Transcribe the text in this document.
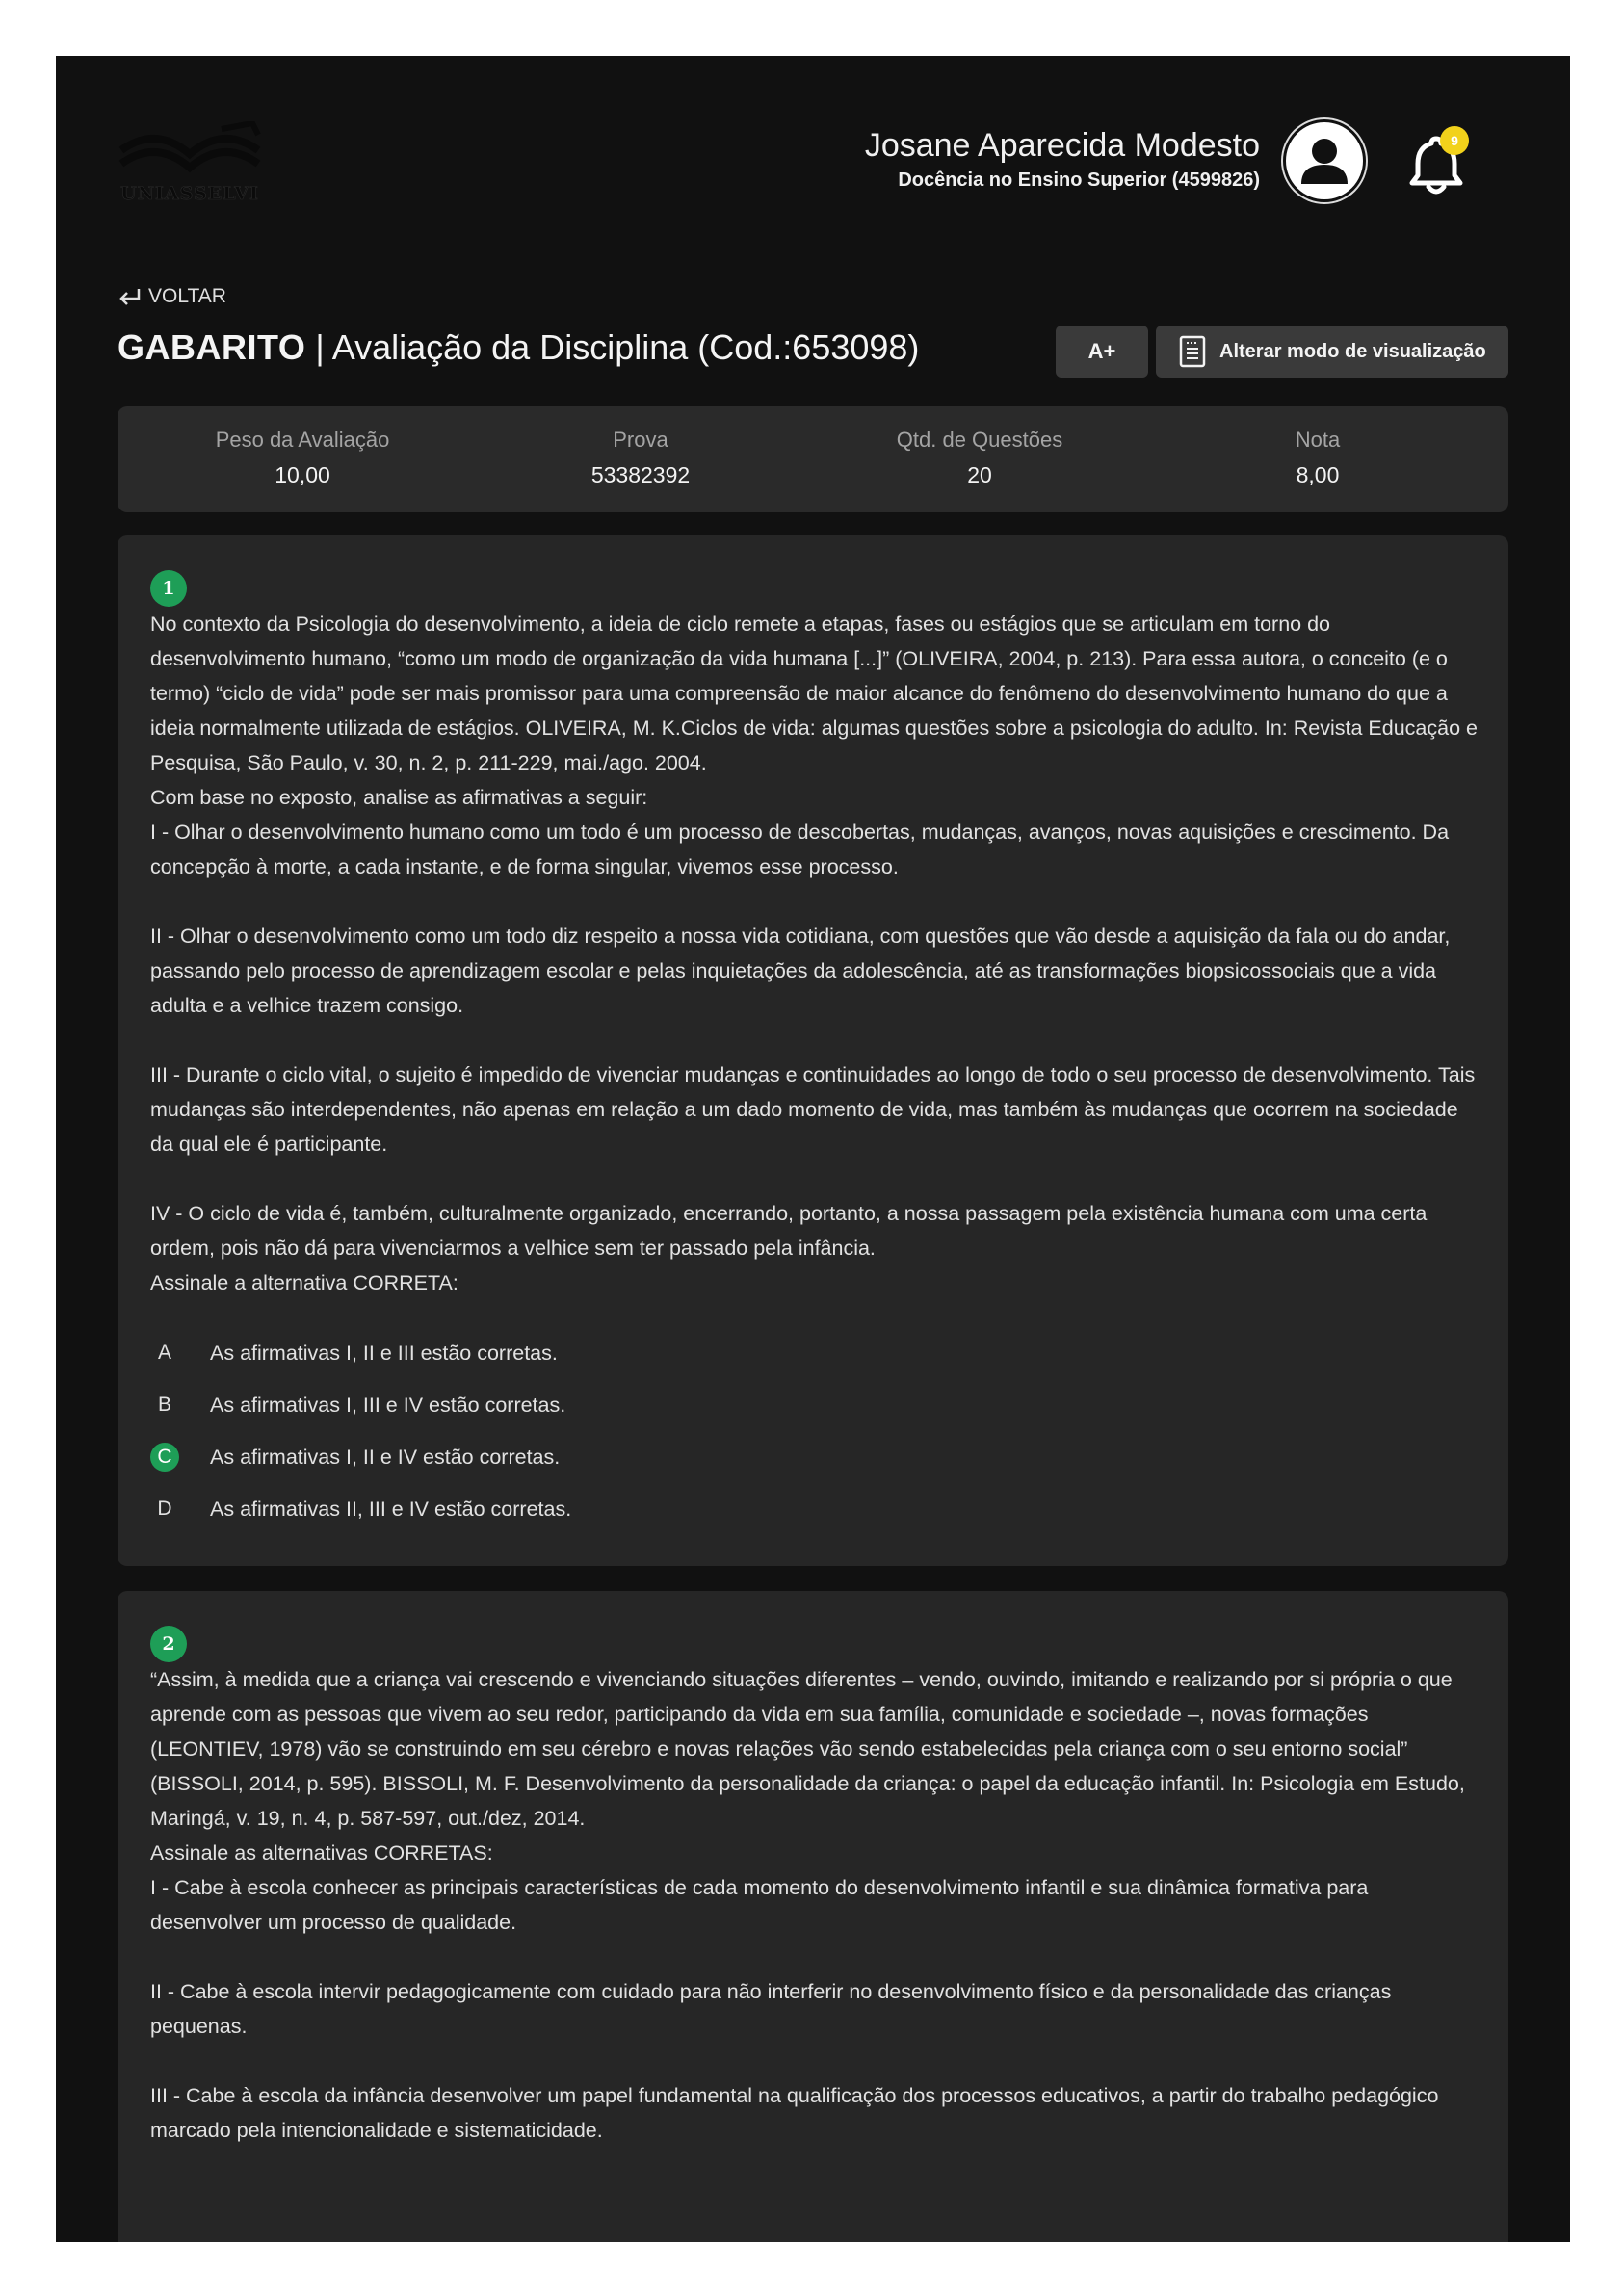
UNIASSELVI
Josane Aparecida Modesto
Docência no Ensino Superior (4599826)
9
VOLTAR
GABARITO | Avaliação da Disciplina (Cod.:653098)	A+	Alterar modo de visualização
Peso da Avaliação
10,00
Prova
53382392
Qtd. de Questões
20
Nota
8,00
1

No contexto da Psicologia do desenvolvimento, a ideia de ciclo remete a etapas, fases ou estágios que se articulam em torno do desenvolvimento humano, “como um modo de organização da vida humana [...]” (OLIVEIRA, 2004, p. 213). Para essa autora, o conceito (e o termo) “ciclo de vida” pode ser mais promissor para uma compreensão de maior alcance do fenômeno do desenvolvimento humano do que a ideia normalmente utilizada de estágios. OLIVEIRA, M. K.Ciclos de vida: algumas questões sobre a psicologia do adulto. In: Revista Educação e Pesquisa, São Paulo, v. 30, n. 2, p. 211-229, mai./ago. 2004.

Com base no exposto, analise as afirmativas a seguir:

I - Olhar o desenvolvimento humano como um todo é um processo de descobertas, mudanças, avanços, novas aquisições e crescimento. Da concepção à morte, a cada instante, e de forma singular, vivemos esse processo.

II - Olhar o desenvolvimento como um todo diz respeito a nossa vida cotidiana, com questões que vão desde a aquisição da fala ou do andar, passando pelo processo de aprendizagem escolar e pelas inquietações da adolescência, até as transformações biopsicossociais que a vida adulta e a velhice trazem consigo.

III - Durante o ciclo vital, o sujeito é impedido de vivenciar mudanças e continuidades ao longo de todo o seu processo de desenvolvimento. Tais mudanças são interdependentes, não apenas em relação a um dado momento de vida, mas também às mudanças que ocorrem na sociedade da qual ele é participante.

IV - O ciclo de vida é, também, culturalmente organizado, encerrando, portanto, a nossa passagem pela existência humana com uma certa ordem, pois não dá para vivenciarmos a velhice sem ter passado pela infância.

Assinale a alternativa CORRETA:

A	As afirmativas I, II e III estão corretas.
B	As afirmativas I, III e IV estão corretas.
C	As afirmativas I, II e IV estão corretas.
D	As afirmativas II, III e IV estão corretas.
2

“Assim, à medida que a criança vai crescendo e vivenciando situações diferentes – vendo, ouvindo, imitando e realizando por si própria o que aprende com as pessoas que vivem ao seu redor, participando da vida em sua família, comunidade e sociedade –, novas formações (LEONTIEV, 1978) vão se construindo em seu cérebro e novas relações vão sendo estabelecidas pela criança com o seu entorno social” (BISSOLI, 2014, p. 595). BISSOLI, M. F. Desenvolvimento da personalidade da criança: o papel da educação infantil. In: Psicologia em Estudo, Maringá, v. 19, n. 4, p. 587-597, out./dez, 2014.

Assinale as alternativas CORRETAS:

I - Cabe à escola conhecer as principais características de cada momento do desenvolvimento infantil e sua dinâmica formativa para desenvolver um processo de qualidade.

II - Cabe à escola intervir pedagogicamente com cuidado para não interferir no desenvolvimento físico e da personalidade das crianças pequenas.

III - Cabe à escola da infância desenvolver um papel fundamental na qualificação dos processos educativos, a partir do trabalho pedagógico marcado pela intencionalidade e sistematicidade.
